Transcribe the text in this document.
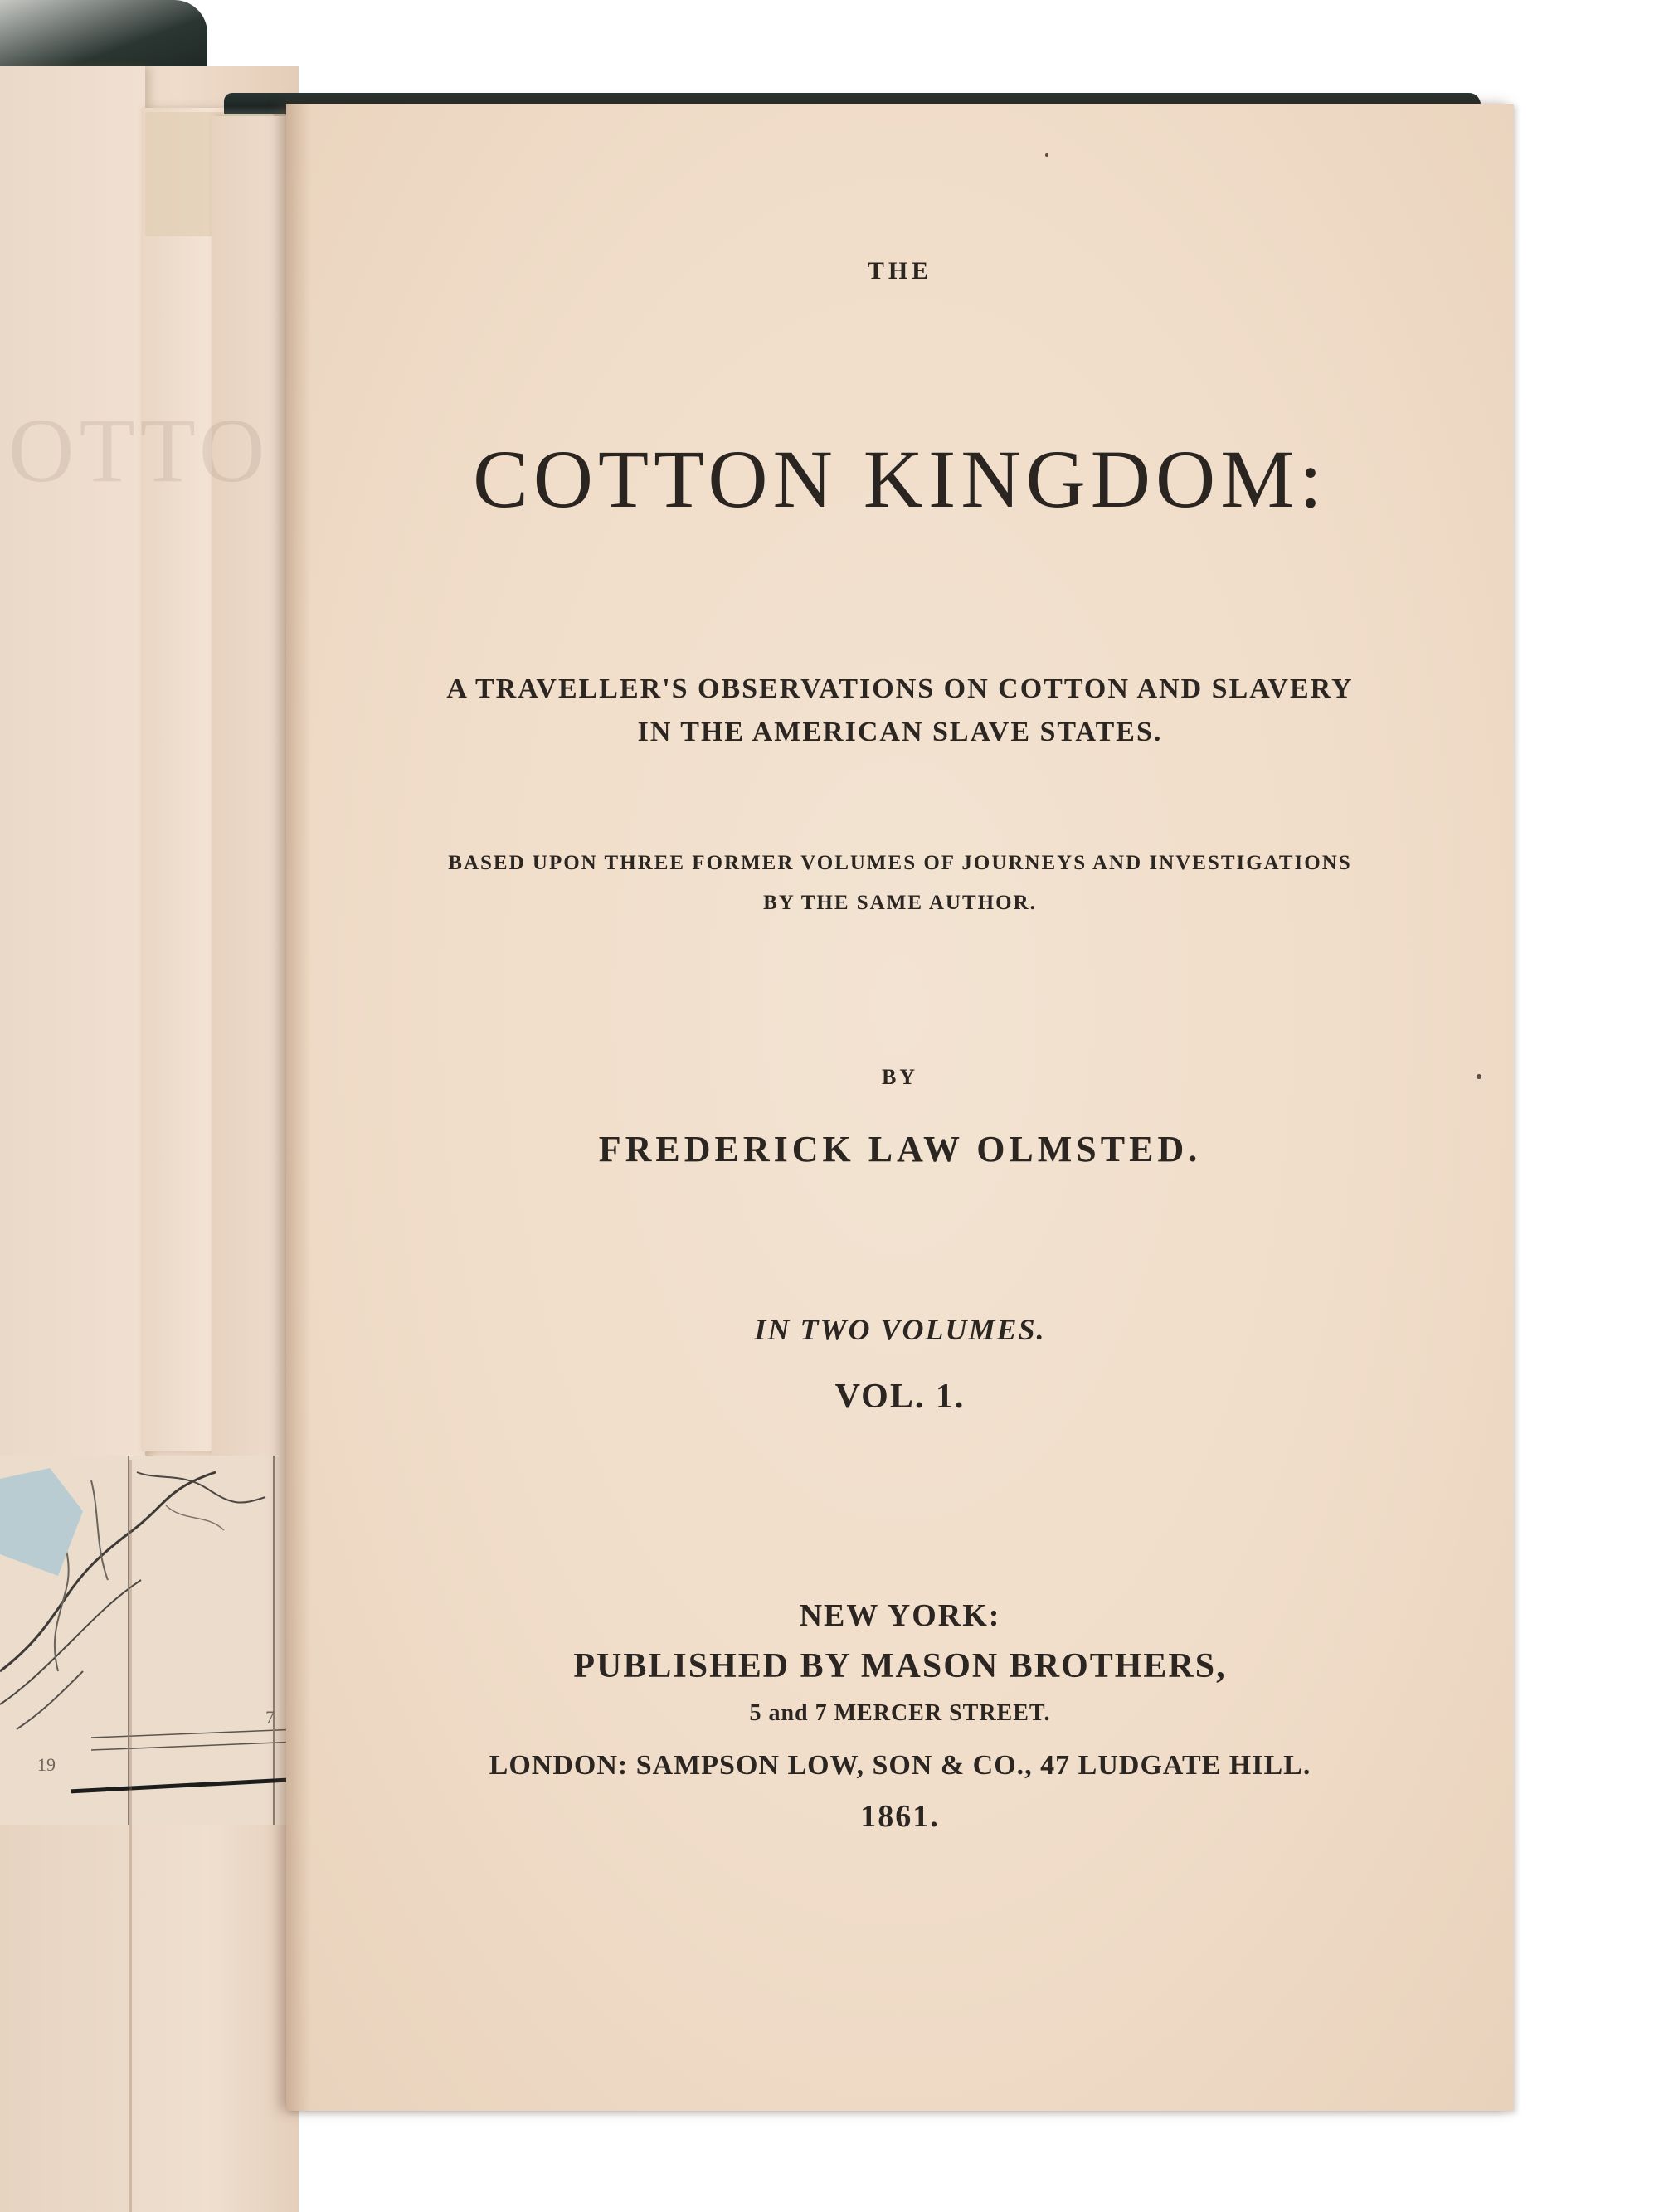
OTTO
19
7
THE
COTTON KINGDOM:
A TRAVELLER'S OBSERVATIONS ON COTTON AND SLAVERY
IN THE AMERICAN SLAVE STATES.
BASED UPON THREE FORMER VOLUMES OF JOURNEYS AND INVESTIGATIONS
BY THE SAME AUTHOR.
BY
FREDERICK LAW OLMSTED.
IN TWO VOLUMES.
VOL. 1.
NEW YORK:
PUBLISHED BY MASON BROTHERS,
5 and 7 MERCER STREET.
LONDON: SAMPSON LOW, SON & CO., 47 LUDGATE HILL.
1861.
